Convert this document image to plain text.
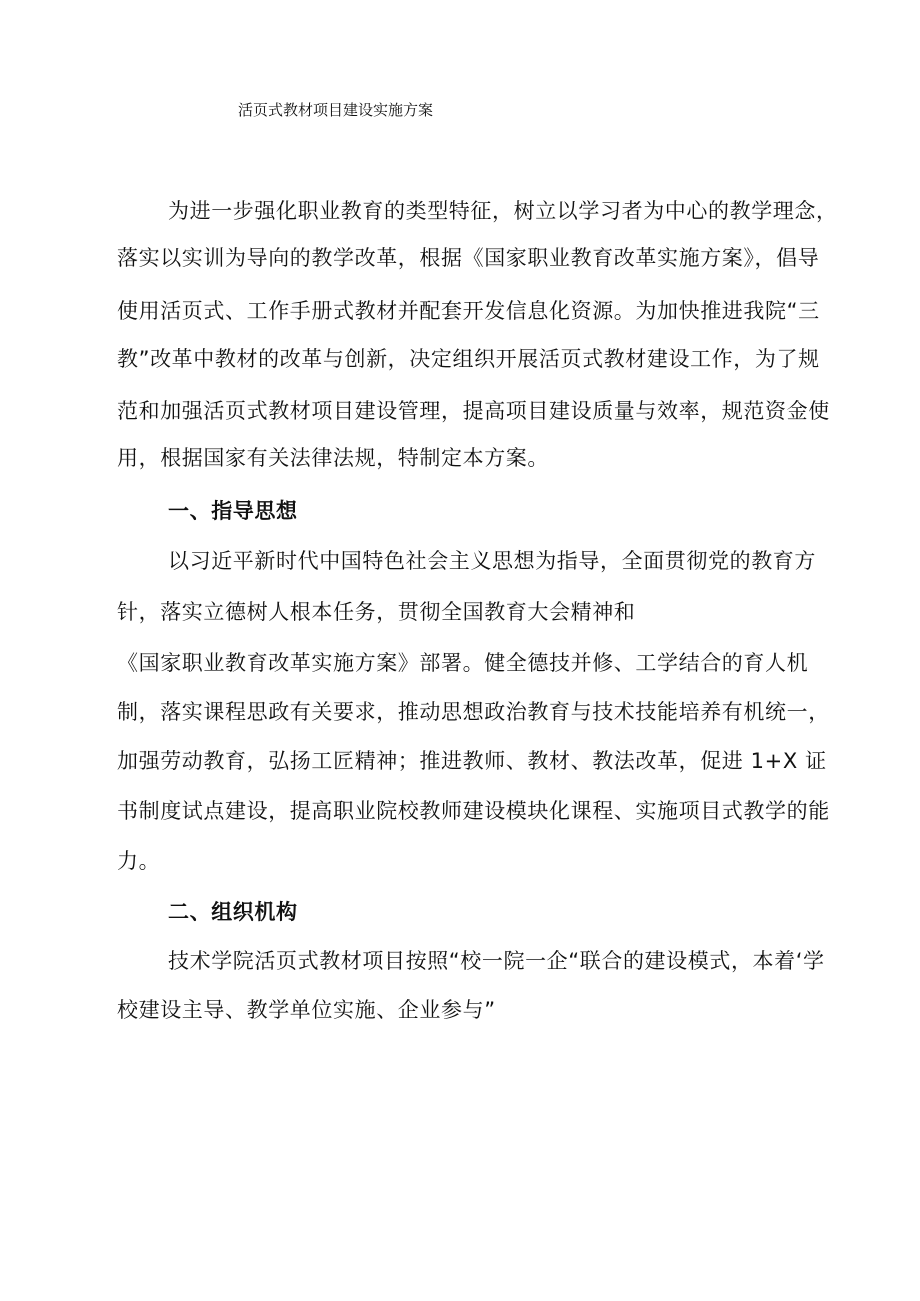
活页式教材项目建设实施方案
为进一步强化职业教育的类型特征，树立以学习者为中心的教学理念，
落实以实训为导向的教学改革，根据《国家职业教育改革实施方案》，倡导
使用活页式、工作手册式教材并配套开发信息化资源。为加快推进我院“三
教”改革中教材的改革与创新，决定组织开展活页式教材建设工作，为了规
范和加强活页式教材项目建设管理，提高项目建设质量与效率，规范资金使
用，根据国家有关法律法规，特制定本方案。
一、指导思想
以习近平新时代中国特色社会主义思想为指导，全面贯彻党的教育方
针，落实立德树人根本任务，贯彻全国教育大会精神和
《国家职业教育改革实施方案》部署。健全德技并修、工学结合的育人机
制，落实课程思政有关要求，推动思想政治教育与技术技能培养有机统一，
加强劳动教育，弘扬工匠精神；推进教师、教材、教法改革，促进 1+X 证
书制度试点建设，提高职业院校教师建设模块化课程、实施项目式教学的能
力。
二、组织机构
技术学院活页式教材项目按照“校一院一企“联合的建设模式，本着‘学
校建设主导、教学单位实施、企业参与”
